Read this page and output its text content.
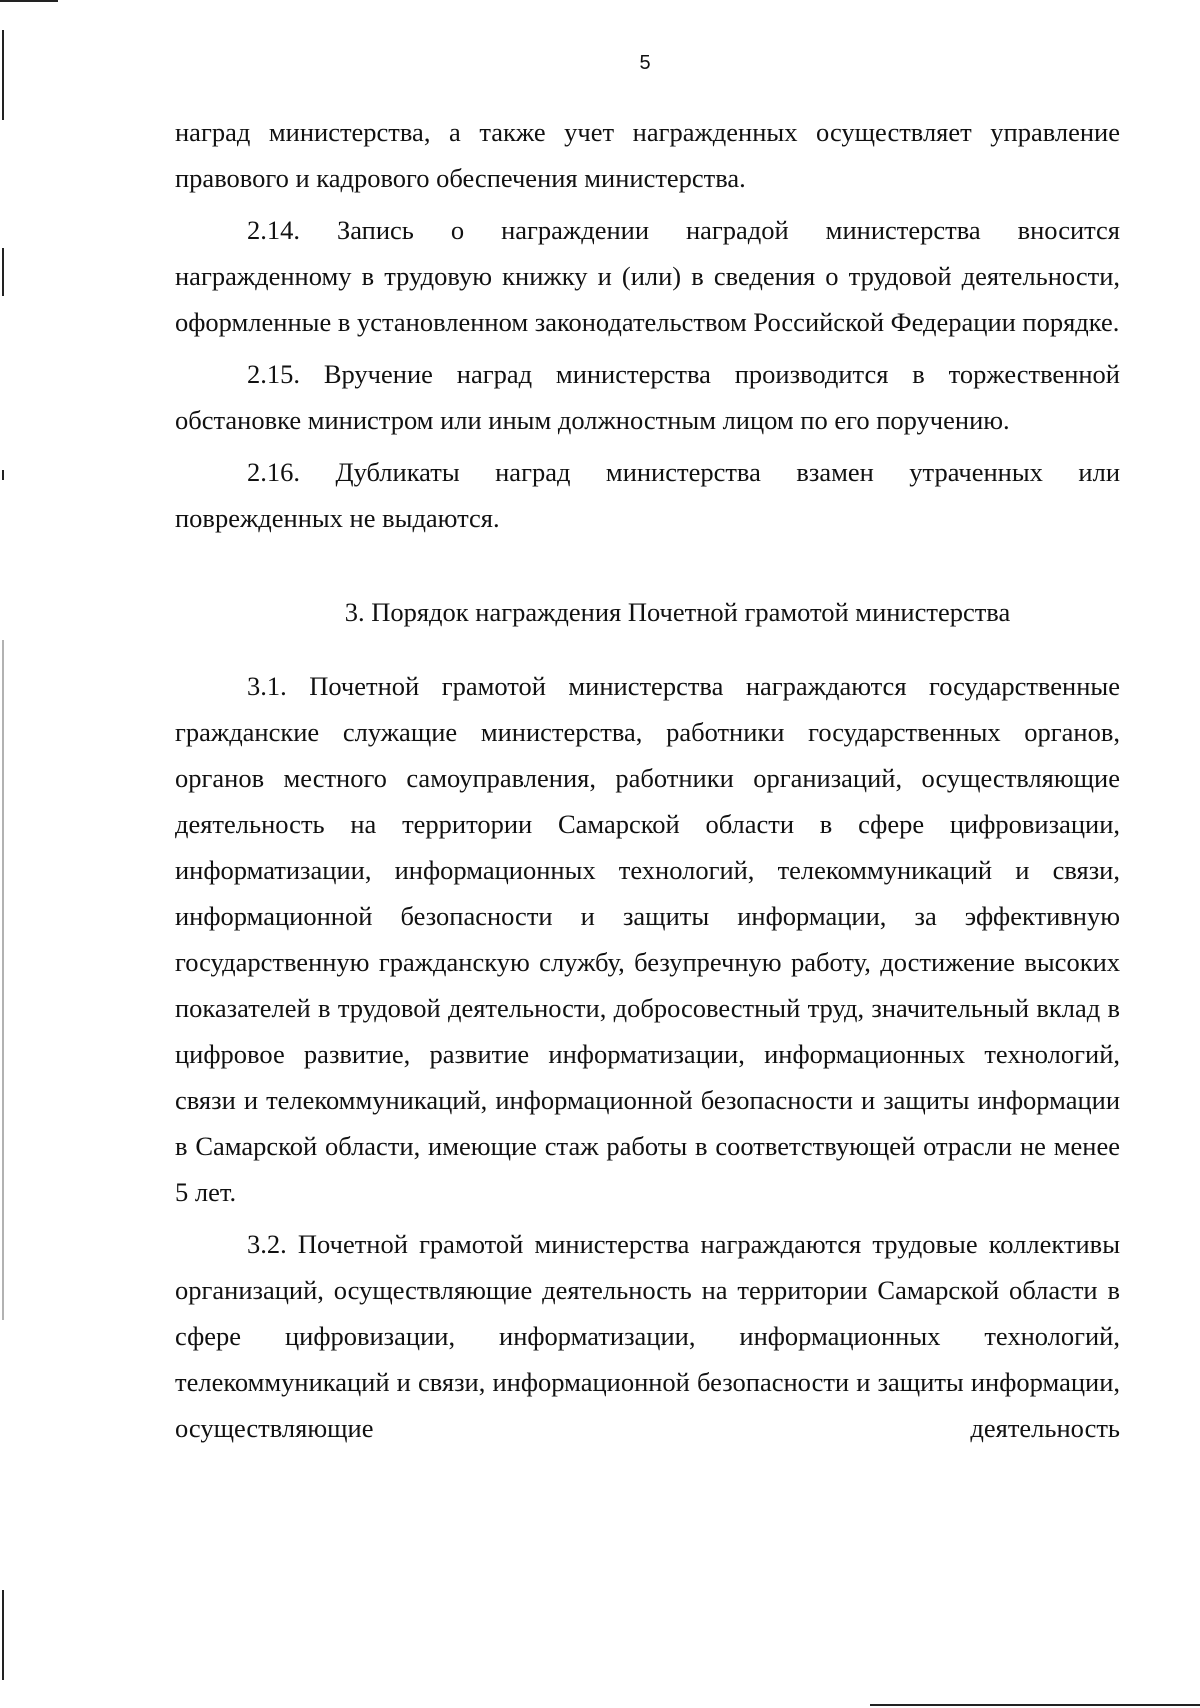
5

наград министерства, а также учет награжденных осуществляет управление правового и кадрового обеспечения министерства.

2.14. Запись о награждении наградой министерства вносится награжденному в трудовую книжку и (или) в сведения о трудовой деятельности, оформленные в установленном законодательством Российской Федерации порядке.

2.15. Вручение наград министерства производится в торжественной обстановке министром или иным должностным лицом по его поручению.

2.16. Дубликаты наград министерства взамен утраченных или поврежденных не выдаются.

3. Порядок награждения Почетной грамотой министерства

3.1. Почетной грамотой министерства награждаются государственные гражданские служащие министерства, работники государственных органов, органов местного самоуправления, работники организаций, осуществляющие деятельность на территории Самарской области в сфере цифровизации, информатизации, информационных технологий, телекоммуникаций и связи, информационной безопасности и защиты информации, за эффективную государственную гражданскую службу, безупречную работу, достижение высоких показателей в трудовой деятельности, добросовестный труд, значительный вклад в цифровое развитие, развитие информатизации, информационных технологий, связи и телекоммуникаций, информационной безопасности и защиты информации в Самарской области, имеющие стаж работы в соответствующей отрасли не менее 5 лет.

3.2. Почетной грамотой министерства награждаются трудовые коллективы организаций, осуществляющие деятельность на территории Самарской области в сфере цифровизации, информатизации, информационных технологий, телекоммуникаций и связи, информационной безопасности и защиты информации, осуществляющие деятельность
